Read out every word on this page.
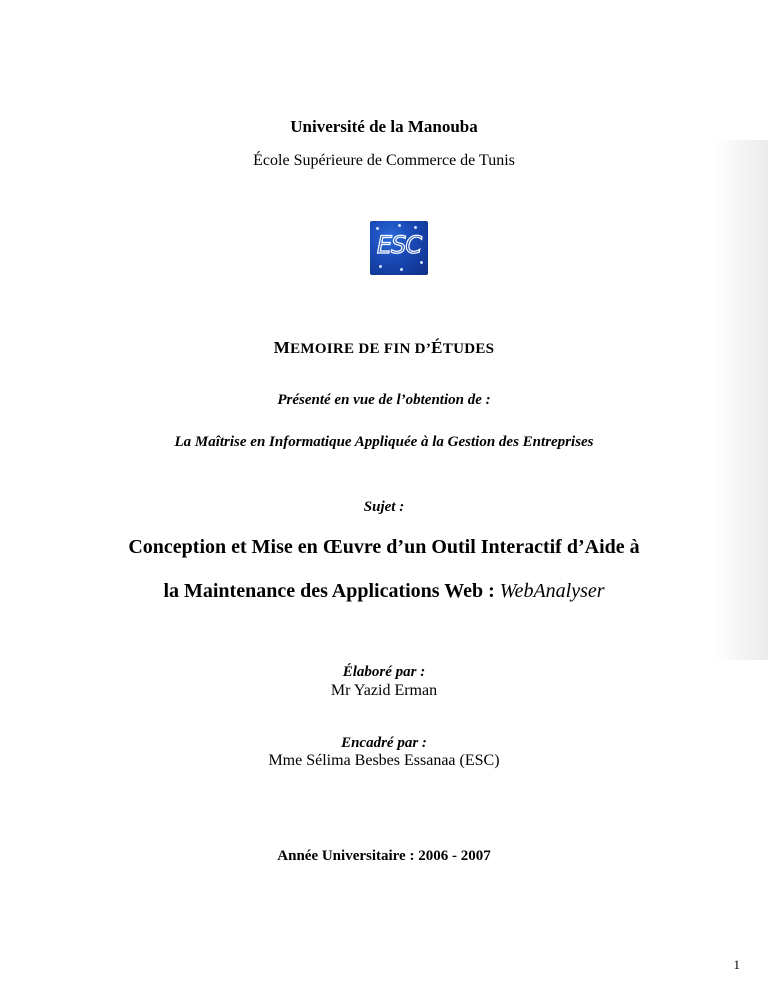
Université de la Manouba
École Supérieure de Commerce de Tunis
ESC
MEMOIRE DE FIN D’ÉTUDES
Présenté en vue de l’obtention de :
La Maîtrise en Informatique Appliquée à la Gestion des Entreprises
Sujet :
Conception et Mise en Œuvre d’un Outil Interactif d’Aide à
la Maintenance des Applications Web : WebAnalyser
Élaboré par :
Mr Yazid Erman
Encadré par :
Mme Sélima Besbes Essanaa (ESC)
Année Universitaire : 2006 - 2007
1
